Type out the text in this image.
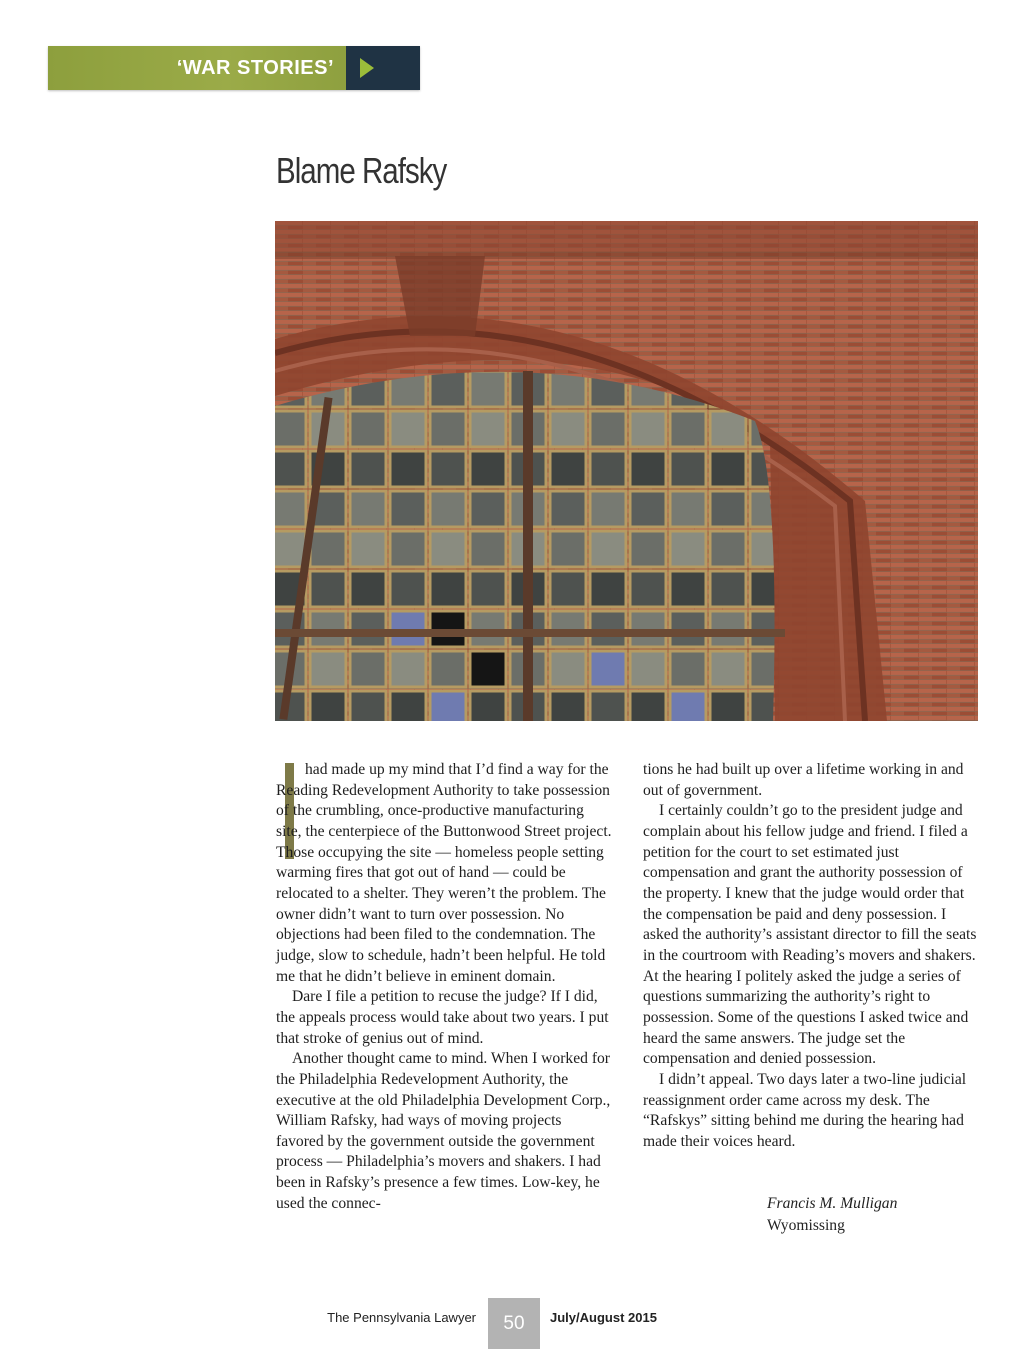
‘WAR STORIES’
Blame Rafsky

had made up my mind that I’d find a way for the Reading Redevelopment Authority to take possession of the crumbling, once-productive manufacturing site, the centerpiece of the Buttonwood Street project. Those occupying the site — homeless people setting warming fires that got out of hand — could be relocated to a shelter. They weren’t the problem. The owner didn’t want to turn over possession. No objections had been filed to the condemnation. The judge, slow to schedule, hadn’t been helpful. He told me that he didn’t believe in eminent domain.

Dare I file a petition to recuse the judge? If I did, the appeals process would take about two years. I put that stroke of genius out of mind.

Another thought came to mind. When I worked for the Philadelphia Redevelopment Authority, the executive at the old Philadelphia Development Corp., William Rafsky, had ways of moving projects favored by the government outside the government process — Philadelphia’s movers and shakers. I had been in Rafsky’s presence a few times. Low-key, he used the connec-

tions he had built up over a lifetime working in and out of government.

I certainly couldn’t go to the president judge and complain about his fellow judge and friend. I filed a petition for the court to set estimated just compensation and grant the authority possession of the property. I knew that the judge would order that the compensation be paid and deny possession. I asked the authority’s assistant director to fill the seats in the courtroom with Reading’s movers and shakers. At the hearing I politely asked the judge a series of questions summarizing the authority’s right to possession. Some of the questions I asked twice and heard the same answers. The judge set the compensation and denied possession.

I didn’t appeal. Two days later a two-line judicial reassignment order came across my desk. The “Rafskys” sitting behind me during the hearing had made their voices heard.

Francis M. Mulligan
Wyomissing
The Pennsylvania Lawyer	50	July/August 2015
